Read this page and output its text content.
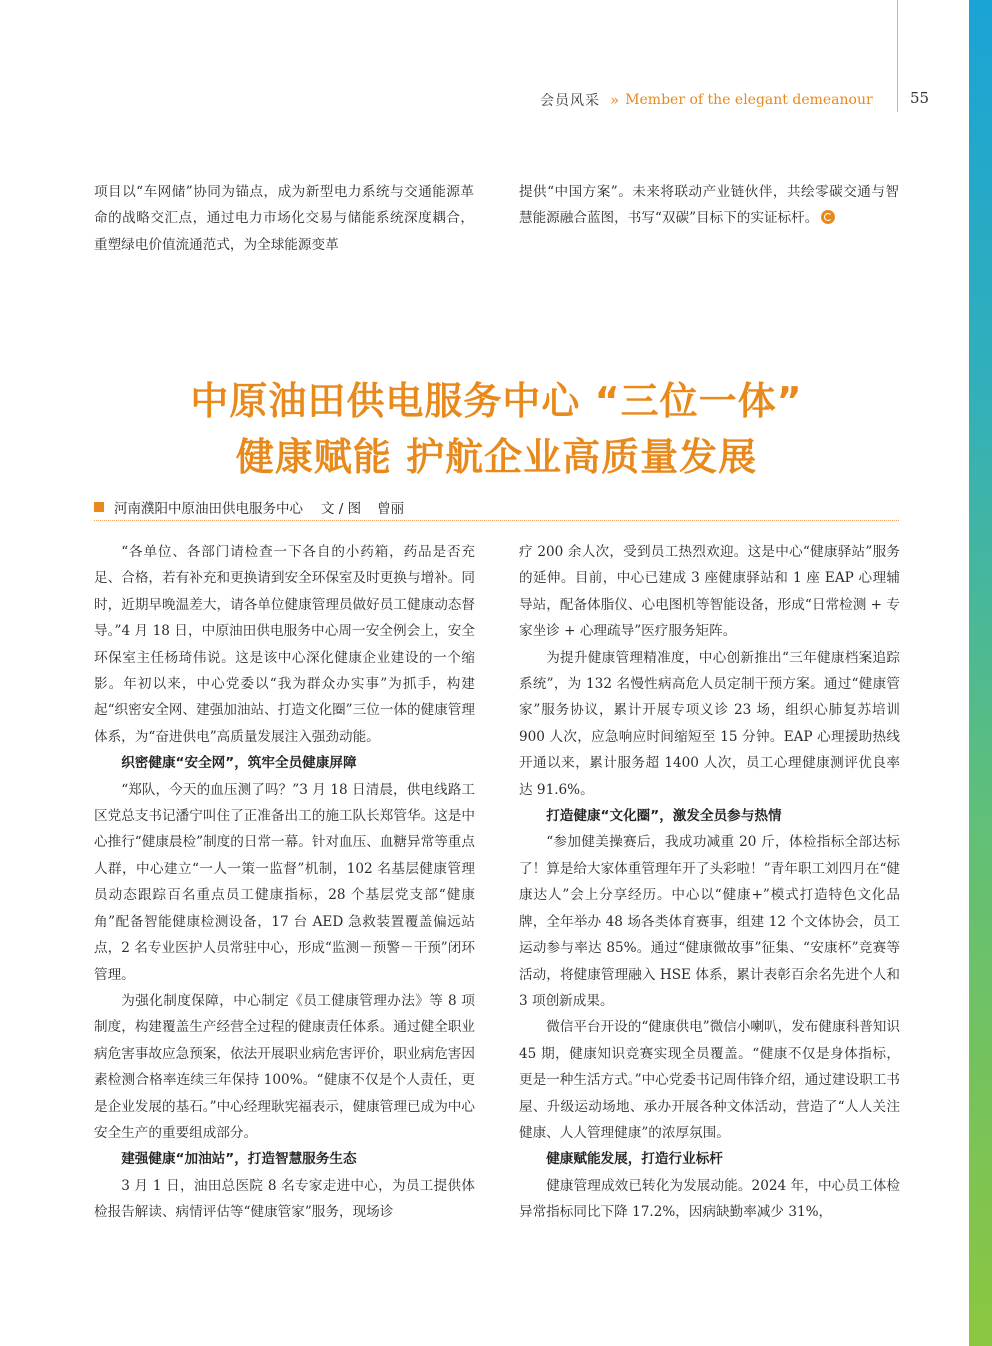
会员风采 » Member of the elegant demeanour 55

项目以“车网储”协同为锚点，成为新型电力系统与交通能源革命的战略交汇点，通过电力市场化交易与储能系统深度耦合，重塑绿电价值流通范式，为全球能源变革

提供“中国方案”。未来将联动产业链伙伴，共绘零碳交通与智慧能源融合蓝图，书写“双碳”目标下的实证标杆。

中原油田供电服务中心 “三位一体”
健康赋能 护航企业高质量发展
河南濮阳中原油田供电服务中心 文 / 图 曾丽

“各单位、各部门请检查一下各自的小药箱，药品是否充足、合格，若有补充和更换请到安全环保室及时更换与增补。同时，近期早晚温差大，请各单位健康管理员做好员工健康动态督导。”4 月 18 日，中原油田供电服务中心周一安全例会上，安全环保室主任杨琦伟说。这是该中心深化健康企业建设的一个缩影。年初以来，中心党委以“我为群众办实事”为抓手，构建起“织密安全网、建强加油站、打造文化圈”三位一体的健康管理体系，为“奋进供电”高质量发展注入强劲动能。

织密健康“安全网”，筑牢全员健康屏障

“郑队，今天的血压测了吗？”3 月 18 日清晨，供电线路工区党总支书记潘宁叫住了正准备出工的施工队长郑管华。这是中心推行“健康晨检”制度的日常一幕。针对血压、血糖异常等重点人群，中心建立“一人一策一监督”机制，102 名基层健康管理员动态跟踪百名重点员工健康指标，28 个基层党支部“健康角”配备智能健康检测设备，17 台 AED 急救装置覆盖偏远站点，2 名专业医护人员常驻中心，形成“监测－预警－干预”闭环管理。

为强化制度保障，中心制定《员工健康管理办法》等 8 项制度，构建覆盖生产经营全过程的健康责任体系。通过健全职业病危害事故应急预案，依法开展职业病危害评价，职业病危害因素检测合格率连续三年保持 100%。“健康不仅是个人责任，更是企业发展的基石。”中心经理耿宪福表示，健康管理已成为中心安全生产的重要组成部分。

建强健康“加油站”，打造智慧服务生态

3 月 1 日，油田总医院 8 名专家走进中心，为员工提供体检报告解读、病情评估等“健康管家”服务，现场诊

疗 200 余人次，受到员工热烈欢迎。这是中心“健康驿站”服务的延伸。目前，中心已建成 3 座健康驿站和 1 座 EAP 心理辅导站，配备体脂仪、心电图机等智能设备，形成“日常检测 + 专家坐诊 + 心理疏导”医疗服务矩阵。

为提升健康管理精准度，中心创新推出“三年健康档案追踪系统”，为 132 名慢性病高危人员定制干预方案。通过“健康管家”服务协议，累计开展专项义诊 23 场，组织心肺复苏培训 900 人次，应急响应时间缩短至 15 分钟。EAP 心理援助热线开通以来，累计服务超 1400 人次，员工心理健康测评优良率达 91.6%。

打造健康“文化圈”，激发全员参与热情

“参加健美操赛后，我成功减重 20 斤，体检指标全部达标了！算是给大家体重管理年开了头彩啦！”青年职工刘四月在“健康达人”会上分享经历。中心以“健康+”模式打造特色文化品牌，全年举办 48 场各类体育赛事，组建 12 个文体协会，员工运动参与率达 85%。通过“健康微故事”征集、“安康杯”竞赛等活动，将健康管理融入 HSE 体系，累计表彰百余名先进个人和 3 项创新成果。

微信平台开设的“健康供电”微信小喇叭，发布健康科普知识 45 期，健康知识竞赛实现全员覆盖。“健康不仅是身体指标，更是一种生活方式。”中心党委书记周伟锋介绍，通过建设职工书屋、升级运动场地、承办开展各种文体活动，营造了“人人关注健康、人人管理健康”的浓厚氛围。

健康赋能发展，打造行业标杆

健康管理成效已转化为发展动能。2024 年，中心员工体检异常指标同比下降 17.2%，因病缺勤率减少 31%，
